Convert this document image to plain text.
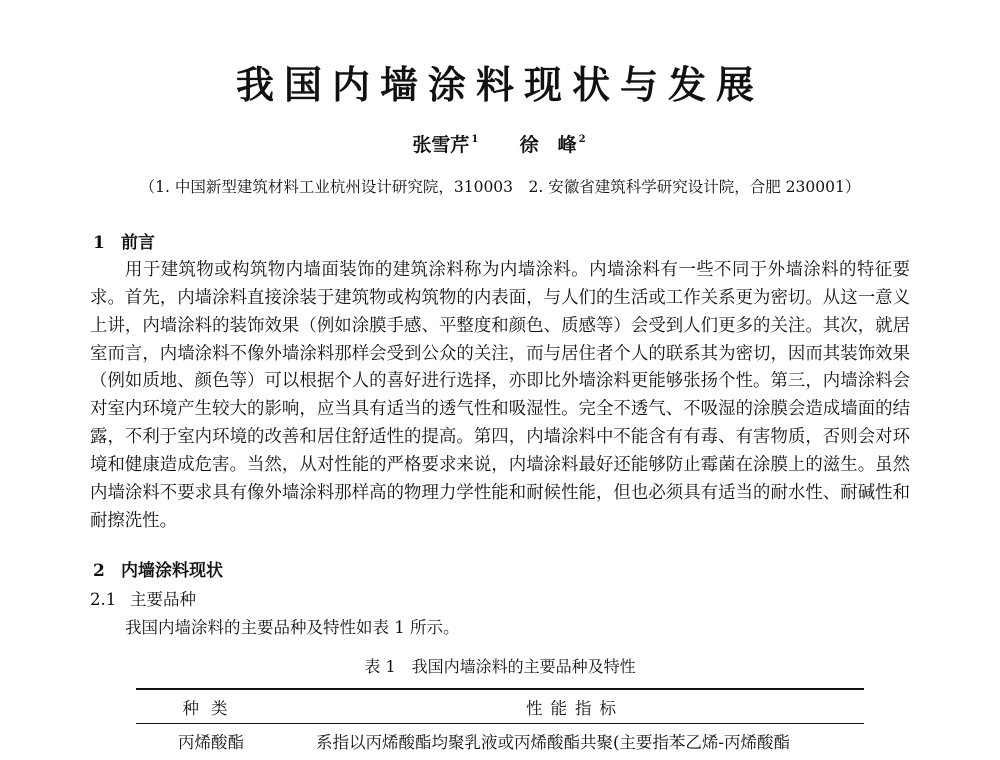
我国内墙涂料现状与发展
张雪芹 $^1$ 徐　峰 $^2$
（1. 中国新型建筑材料工业杭州设计研究院，310003　2. 安徽省建筑科学研究设计院，合肥 230001）
1 前言

用于建筑物或构筑物内墙面装饰的建筑涂料称为内墙涂料。内墙涂料有一些不同于外墙涂料的特征要求。首先，内墙涂料直接涂装于建筑物或构筑物的内表面，与人们的生活或工作关系更为密切。从这一意义上讲，内墙涂料的装饰效果（例如涂膜手感、平整度和颜色、质感等）会受到人们更多的关注。其次，就居室而言，内墙涂料不像外墙涂料那样会受到公众的关注，而与居住者个人的联系其为密切，因而其装饰效果（例如质地、颜色等）可以根据个人的喜好进行选择，亦即比外墙涂料更能够张扬个性。第三，内墙涂料会对室内环境产生较大的影响，应当具有适当的透气性和吸湿性。完全不透气、不吸湿的涂膜会造成墙面的结露，不利于室内环境的改善和居住舒适性的提高。第四，内墙涂料中不能含有有毒、有害物质，否则会对环境和健康造成危害。当然，从对性能的严格要求来说，内墙涂料最好还能够防止霉菌在涂膜上的滋生。虽然内墙涂料不要求具有像外墙涂料那样高的物理力学性能和耐候性能，但也必须具有适当的耐水性、耐碱性和耐擦洗性。

2 内墙涂料现状
2.1 主要品种

我国内墙涂料的主要品种及特性如表 1 所示。

表 1　我国内墙涂料的主要品种及特性
种类	性能指标
丙烯酸酯	系指以丙烯酸酯均聚乳液或丙烯酸酯共聚(主要指苯乙烯-丙烯酸酯
